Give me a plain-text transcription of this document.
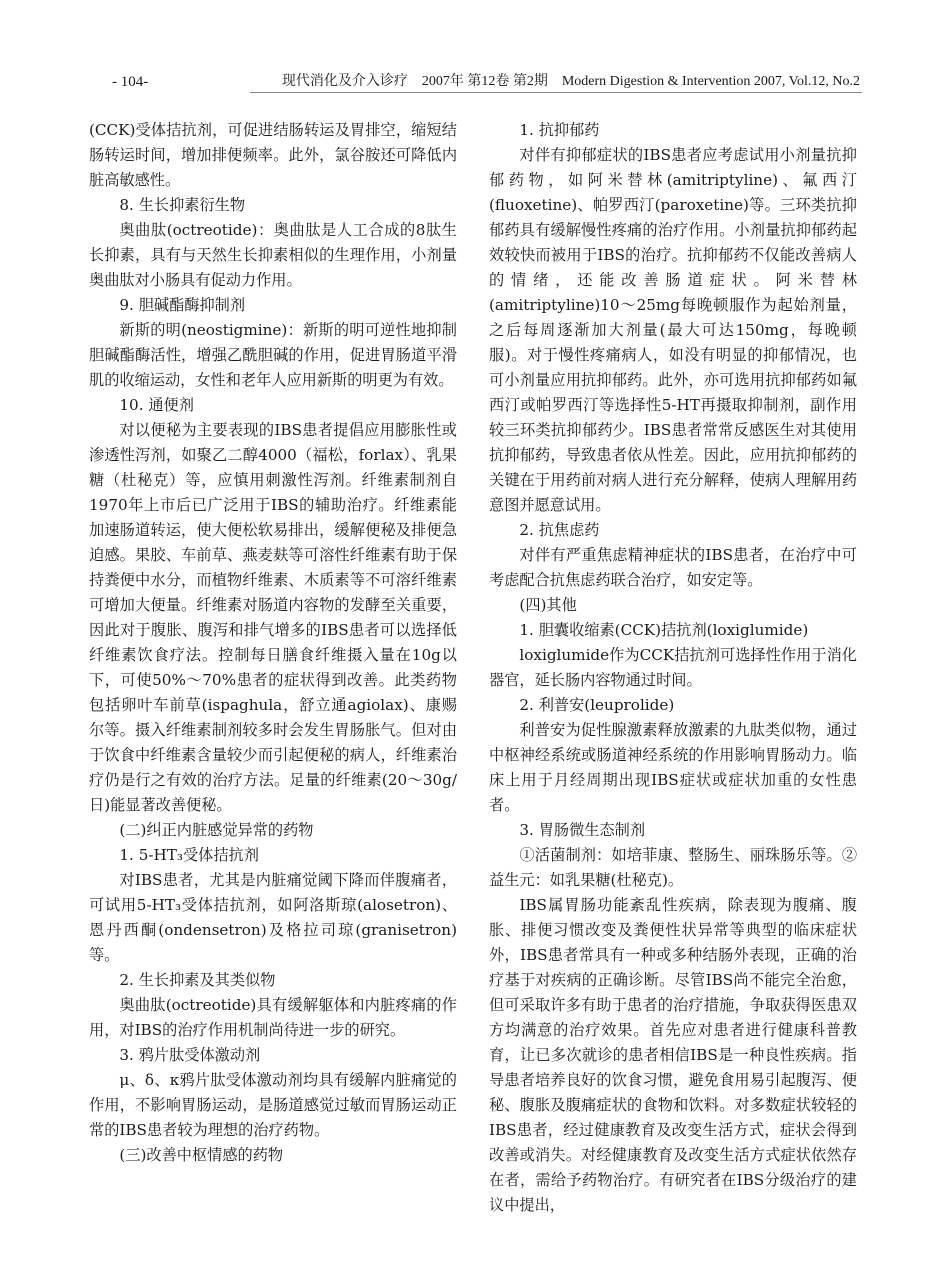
- 104-	现代消化及介入诊疗　2007年 第12卷 第2期　Modern Digestion & Intervention 2007, Vol.12, No.2

(CCK)受体拮抗剂，可促进结肠转运及胃排空，缩短结肠转运时间，增加排便频率。此外，氯谷胺还可降低内脏高敏感性。

8. 生长抑素衍生物

奥曲肽(octreotide)：奥曲肽是人工合成的8肽生长抑素，具有与天然生长抑素相似的生理作用，小剂量奥曲肽对小肠具有促动力作用。

9. 胆碱酯酶抑制剂

新斯的明(neostigmine)：新斯的明可逆性地抑制胆碱酯酶活性，增强乙酰胆碱的作用，促进胃肠道平滑肌的收缩运动，女性和老年人应用新斯的明更为有效。

10. 通便剂

对以便秘为主要表现的IBS患者提倡应用膨胀性或渗透性泻剂，如聚乙二醇4000（福松，forlax）、乳果糖（杜秘克）等，应慎用刺激性泻剂。纤维素制剂自1970年上市后已广泛用于IBS的辅助治疗。纤维素能加速肠道转运，使大便松软易排出，缓解便秘及排便急迫感。果胶、车前草、燕麦麸等可溶性纤维素有助于保持粪便中水分，而植物纤维素、木质素等不可溶纤维素可增加大便量。纤维素对肠道内容物的发酵至关重要，因此对于腹胀、腹泻和排气增多的IBS患者可以选择低纤维素饮食疗法。控制每日膳食纤维摄入量在10g以下，可使50%～70%患者的症状得到改善。此类药物包括卵叶车前草(ispaghula，舒立通agiolax)、康赐尔等。摄入纤维素制剂较多时会发生胃肠胀气。但对由于饮食中纤维素含量较少而引起便秘的病人，纤维素治疗仍是行之有效的治疗方法。足量的纤维素(20～30g/日)能显著改善便秘。

(二)纠正内脏感觉异常的药物

1. 5-HT₃受体拮抗剂

对IBS患者，尤其是内脏痛觉阈下降而伴腹痛者，可试用5-HT₃受体拮抗剂，如阿洛斯琼(alosetron)、恩丹西酮(ondensetron)及格拉司琼(granisetron)等。

2. 生长抑素及其类似物

奥曲肽(octreotide)具有缓解躯体和内脏疼痛的作用，对IBS的治疗作用机制尚待进一步的研究。

3. 鸦片肽受体激动剂

μ、δ、κ鸦片肽受体激动剂均具有缓解内脏痛觉的作用，不影响胃肠运动，是肠道感觉过敏而胃肠运动正常的IBS患者较为理想的治疗药物。

(三)改善中枢情感的药物

1. 抗抑郁药

对伴有抑郁症状的IBS患者应考虑试用小剂量抗抑郁药物，如阿米替林(amitriptyline)、氟西汀(fluoxetine)、帕罗西汀(paroxetine)等。三环类抗抑郁药具有缓解慢性疼痛的治疗作用。小剂量抗抑郁药起效较快而被用于IBS的治疗。抗抑郁药不仅能改善病人的情绪，还能改善肠道症状。阿米替林(amitriptyline)10～25mg每晚顿服作为起始剂量，之后每周逐渐加大剂量(最大可达150mg，每晚顿服)。对于慢性疼痛病人，如没有明显的抑郁情况，也可小剂量应用抗抑郁药。此外，亦可选用抗抑郁药如氟西汀或帕罗西汀等选择性5-HT再摄取抑制剂，副作用较三环类抗抑郁药少。IBS患者常常反感医生对其使用抗抑郁药，导致患者依从性差。因此，应用抗抑郁药的关键在于用药前对病人进行充分解释，使病人理解用药意图并愿意试用。

2. 抗焦虑药

对伴有严重焦虑精神症状的IBS患者，在治疗中可考虑配合抗焦虑药联合治疗，如安定等。

(四)其他

1. 胆囊收缩素(CCK)拮抗剂(loxiglumide)

loxiglumide作为CCK拮抗剂可选择性作用于消化器官，延长肠内容物通过时间。

2. 利普安(leuprolide)

利普安为促性腺激素释放激素的九肽类似物，通过中枢神经系统或肠道神经系统的作用影响胃肠动力。临床上用于月经周期出现IBS症状或症状加重的女性患者。

3. 胃肠微生态制剂

①活菌制剂：如培菲康、整肠生、丽珠肠乐等。②益生元：如乳果糖(杜秘克)。

IBS属胃肠功能紊乱性疾病，除表现为腹痛、腹胀、排便习惯改变及粪便性状异常等典型的临床症状外，IBS患者常具有一种或多种结肠外表现，正确的治疗基于对疾病的正确诊断。尽管IBS尚不能完全治愈，但可采取许多有助于患者的治疗措施，争取获得医患双方均满意的治疗效果。首先应对患者进行健康科普教育，让已多次就诊的患者相信IBS是一种良性疾病。指导患者培养良好的饮食习惯，避免食用易引起腹泻、便秘、腹胀及腹痛症状的食物和饮料。对多数症状较轻的IBS患者，经过健康教育及改变生活方式，症状会得到改善或消失。对经健康教育及改变生活方式症状依然存在者，需给予药物治疗。有研究者在IBS分级治疗的建议中提出，
